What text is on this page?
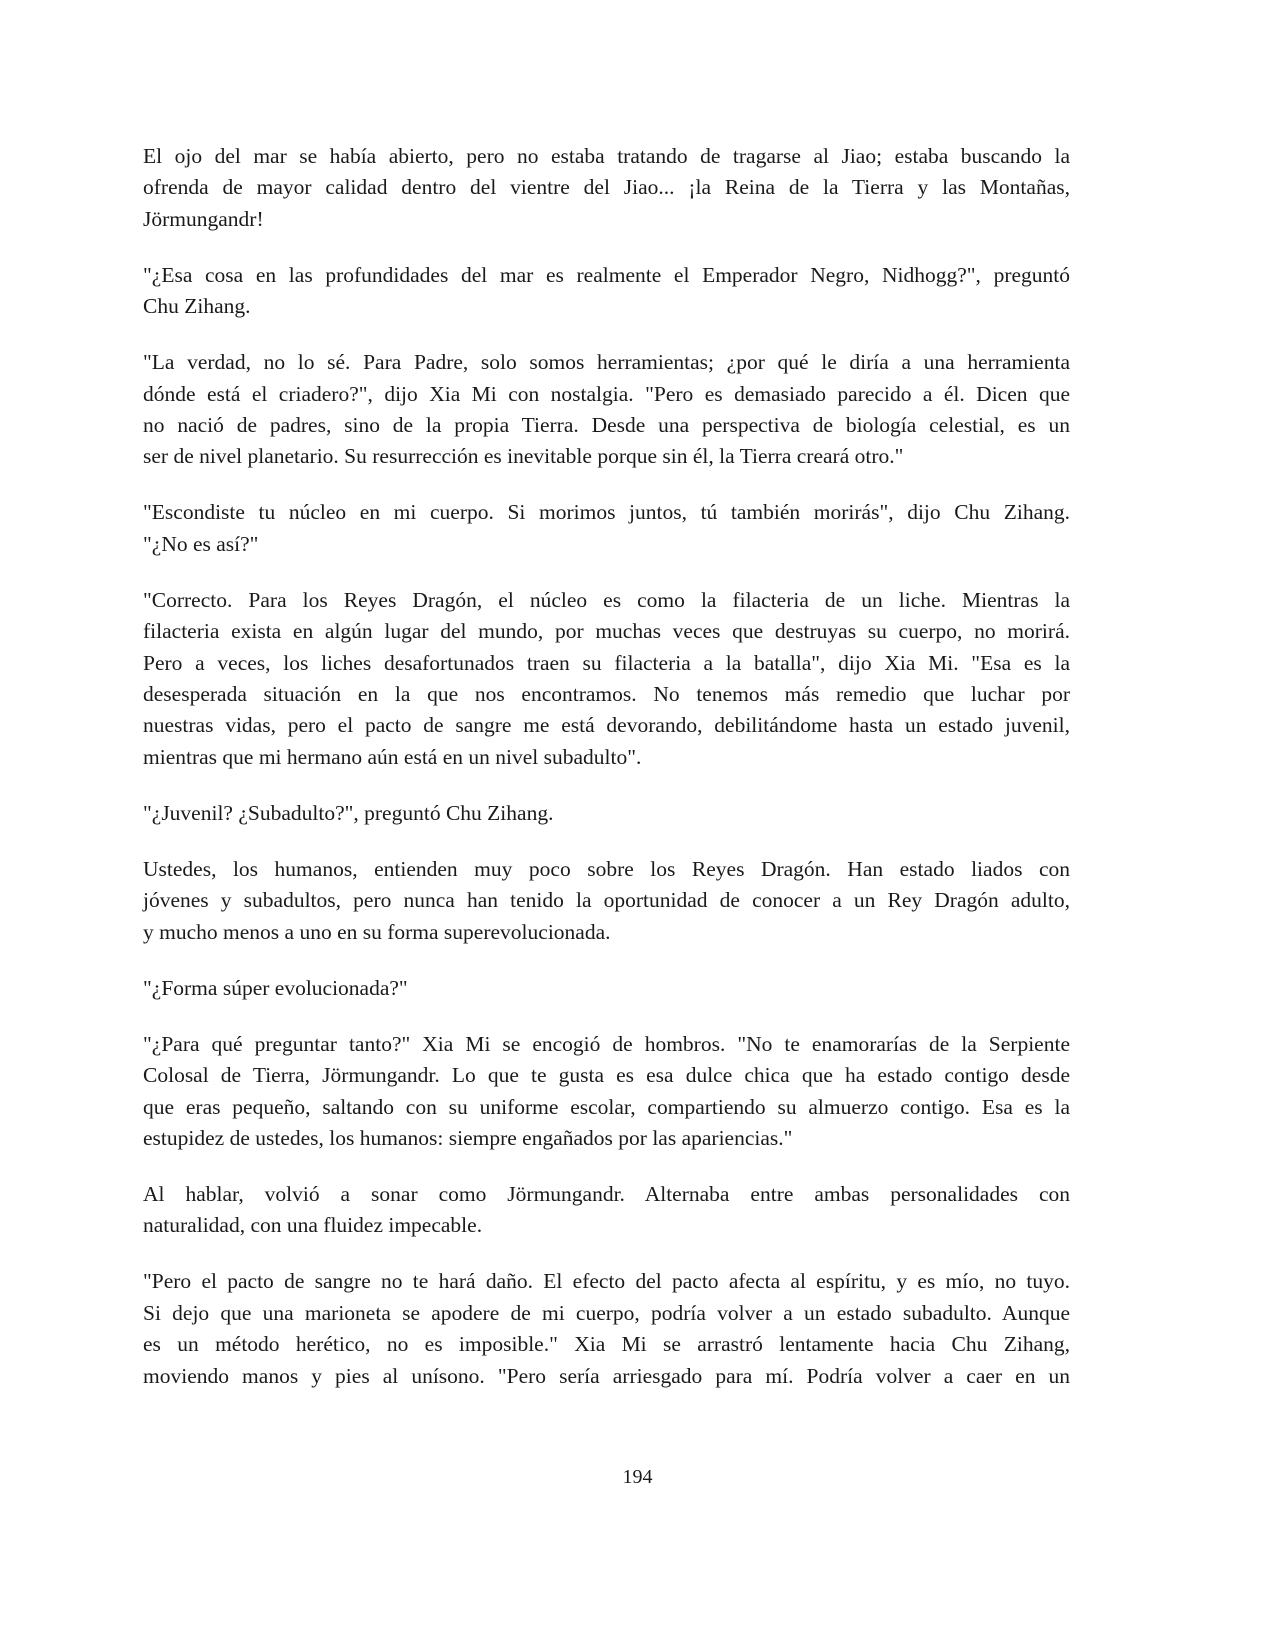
El ojo del mar se había abierto, pero no estaba tratando de tragarse al Jiao; estaba buscando la
ofrenda de mayor calidad dentro del vientre del Jiao... ¡la Reina de la Tierra y las Montañas,
Jörmungandr!

"¿Esa cosa en las profundidades del mar es realmente el Emperador Negro, Nidhogg?", preguntó
Chu Zihang.

"La verdad, no lo sé. Para Padre, solo somos herramientas; ¿por qué le diría a una herramienta
dónde está el criadero?", dijo Xia Mi con nostalgia. "Pero es demasiado parecido a él. Dicen que
no nació de padres, sino de la propia Tierra. Desde una perspectiva de biología celestial, es un
ser de nivel planetario. Su resurrección es inevitable porque sin él, la Tierra creará otro."

"Escondiste tu núcleo en mi cuerpo. Si morimos juntos, tú también morirás", dijo Chu Zihang.
"¿No es así?"

"Correcto. Para los Reyes Dragón, el núcleo es como la filacteria de un liche. Mientras la
filacteria exista en algún lugar del mundo, por muchas veces que destruyas su cuerpo, no morirá.
Pero a veces, los liches desafortunados traen su filacteria a la batalla", dijo Xia Mi. "Esa es la
desesperada situación en la que nos encontramos. No tenemos más remedio que luchar por
nuestras vidas, pero el pacto de sangre me está devorando, debilitándome hasta un estado juvenil,
mientras que mi hermano aún está en un nivel subadulto".

"¿Juvenil? ¿Subadulto?", preguntó Chu Zihang.

Ustedes, los humanos, entienden muy poco sobre los Reyes Dragón. Han estado liados con
jóvenes y subadultos, pero nunca han tenido la oportunidad de conocer a un Rey Dragón adulto,
y mucho menos a uno en su forma superevolucionada.

"¿Forma súper evolucionada?"

"¿Para qué preguntar tanto?" Xia Mi se encogió de hombros. "No te enamorarías de la Serpiente
Colosal de Tierra, Jörmungandr. Lo que te gusta es esa dulce chica que ha estado contigo desde
que eras pequeño, saltando con su uniforme escolar, compartiendo su almuerzo contigo. Esa es la
estupidez de ustedes, los humanos: siempre engañados por las apariencias."

Al hablar, volvió a sonar como Jörmungandr. Alternaba entre ambas personalidades con
naturalidad, con una fluidez impecable.

"Pero el pacto de sangre no te hará daño. El efecto del pacto afecta al espíritu, y es mío, no tuyo.
Si dejo que una marioneta se apodere de mi cuerpo, podría volver a un estado subadulto. Aunque
es un método herético, no es imposible." Xia Mi se arrastró lentamente hacia Chu Zihang,
moviendo manos y pies al unísono. "Pero sería arriesgado para mí. Podría volver a caer en un

194
